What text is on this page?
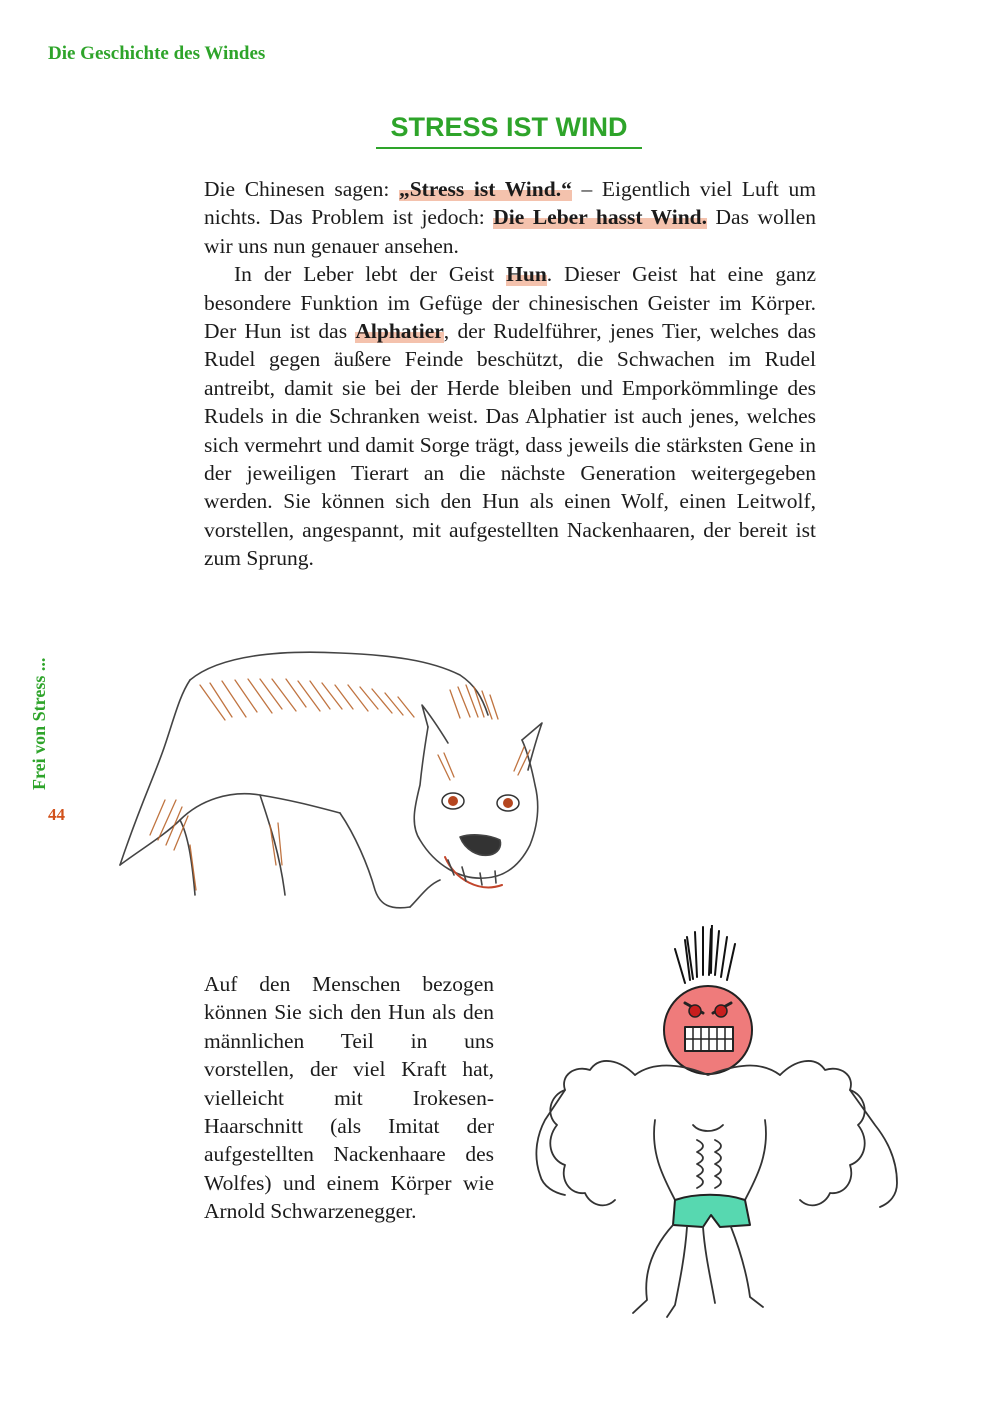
Die Geschichte des Windes
Frei von Stress ...
44
STRESS IST WIND

Die Chinesen sagen: „Stress ist Wind.“ – Eigentlich viel Luft um nichts. Das Problem ist jedoch: Die Leber hasst Wind. Das wollen wir uns nun genauer ansehen.

In der Leber lebt der Geist Hun. Dieser Geist hat eine ganz besondere Funktion im Gefüge der chinesischen Geister im Körper. Der Hun ist das Alphatier, der Rudelführer, jenes Tier, welches das Rudel gegen äußere Feinde beschützt, die Schwachen im Rudel antreibt, damit sie bei der Herde bleiben und Emporkömmlinge des Rudels in die Schranken weist. Das Alphatier ist auch jenes, welches sich vermehrt und damit Sorge trägt, dass jeweils die stärksten Gene in der jeweiligen Tierart an die nächste Generation weitergegeben werden. Sie können sich den Hun als einen Wolf, einen Leitwolf, vorstellen, angespannt, mit aufgestellten Nackenhaaren, der bereit ist zum Sprung.

Auf den Menschen bezogen können Sie sich den Hun als den männlichen Teil in uns vorstellen, der viel Kraft hat, vielleicht mit Irokesen-Haarschnitt (als Imitat der aufgestellten Nackenhaare des Wolfes) und einem Körper wie Arnold Schwarzenegger.
